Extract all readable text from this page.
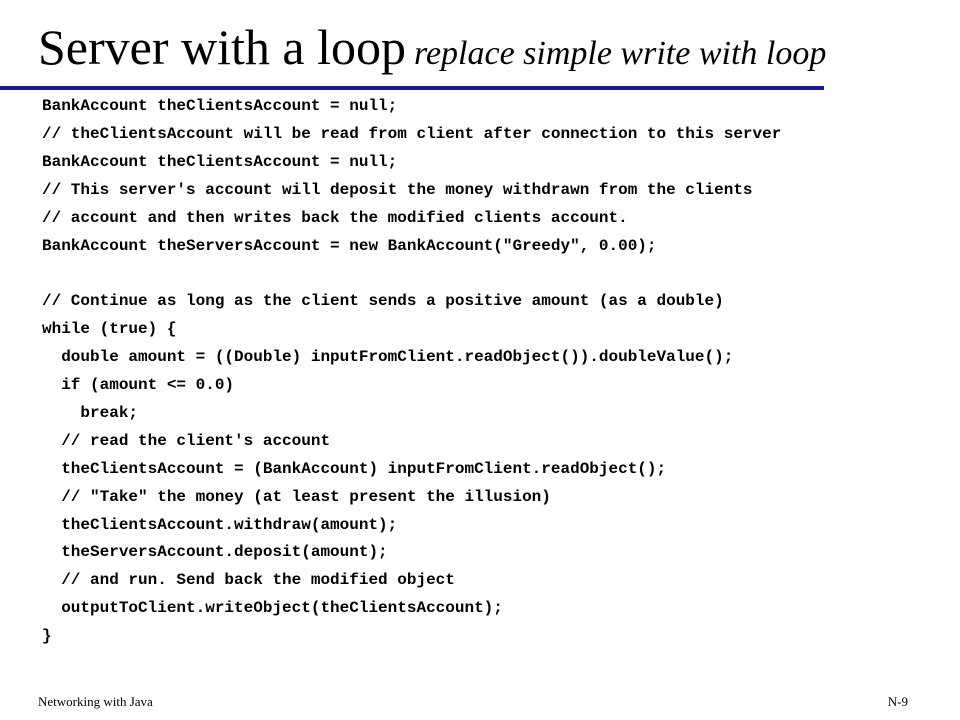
Server with a loop replace simple write with loop
BankAccount theClientsAccount = null;
// theClientsAccount will be read from client after connection to this server
BankAccount theClientsAccount = null;
// This server's account will deposit the money withdrawn from the clients
// account and then writes back the modified clients account.
BankAccount theServersAccount = new BankAccount("Greedy", 0.00);
// Continue as long as the client sends a positive amount (as a double)
while (true) {
double amount = ((Double) inputFromClient.readObject()).doubleValue();
if (amount <= 0.0)
break;
// read the client's account
theClientsAccount = (BankAccount) inputFromClient.readObject();
// "Take" the money (at least present the illusion)
theClientsAccount.withdraw(amount);
theServersAccount.deposit(amount);
// and run. Send back the modified object
outputToClient.writeObject(theClientsAccount);
}
Networking with Java	N-9
